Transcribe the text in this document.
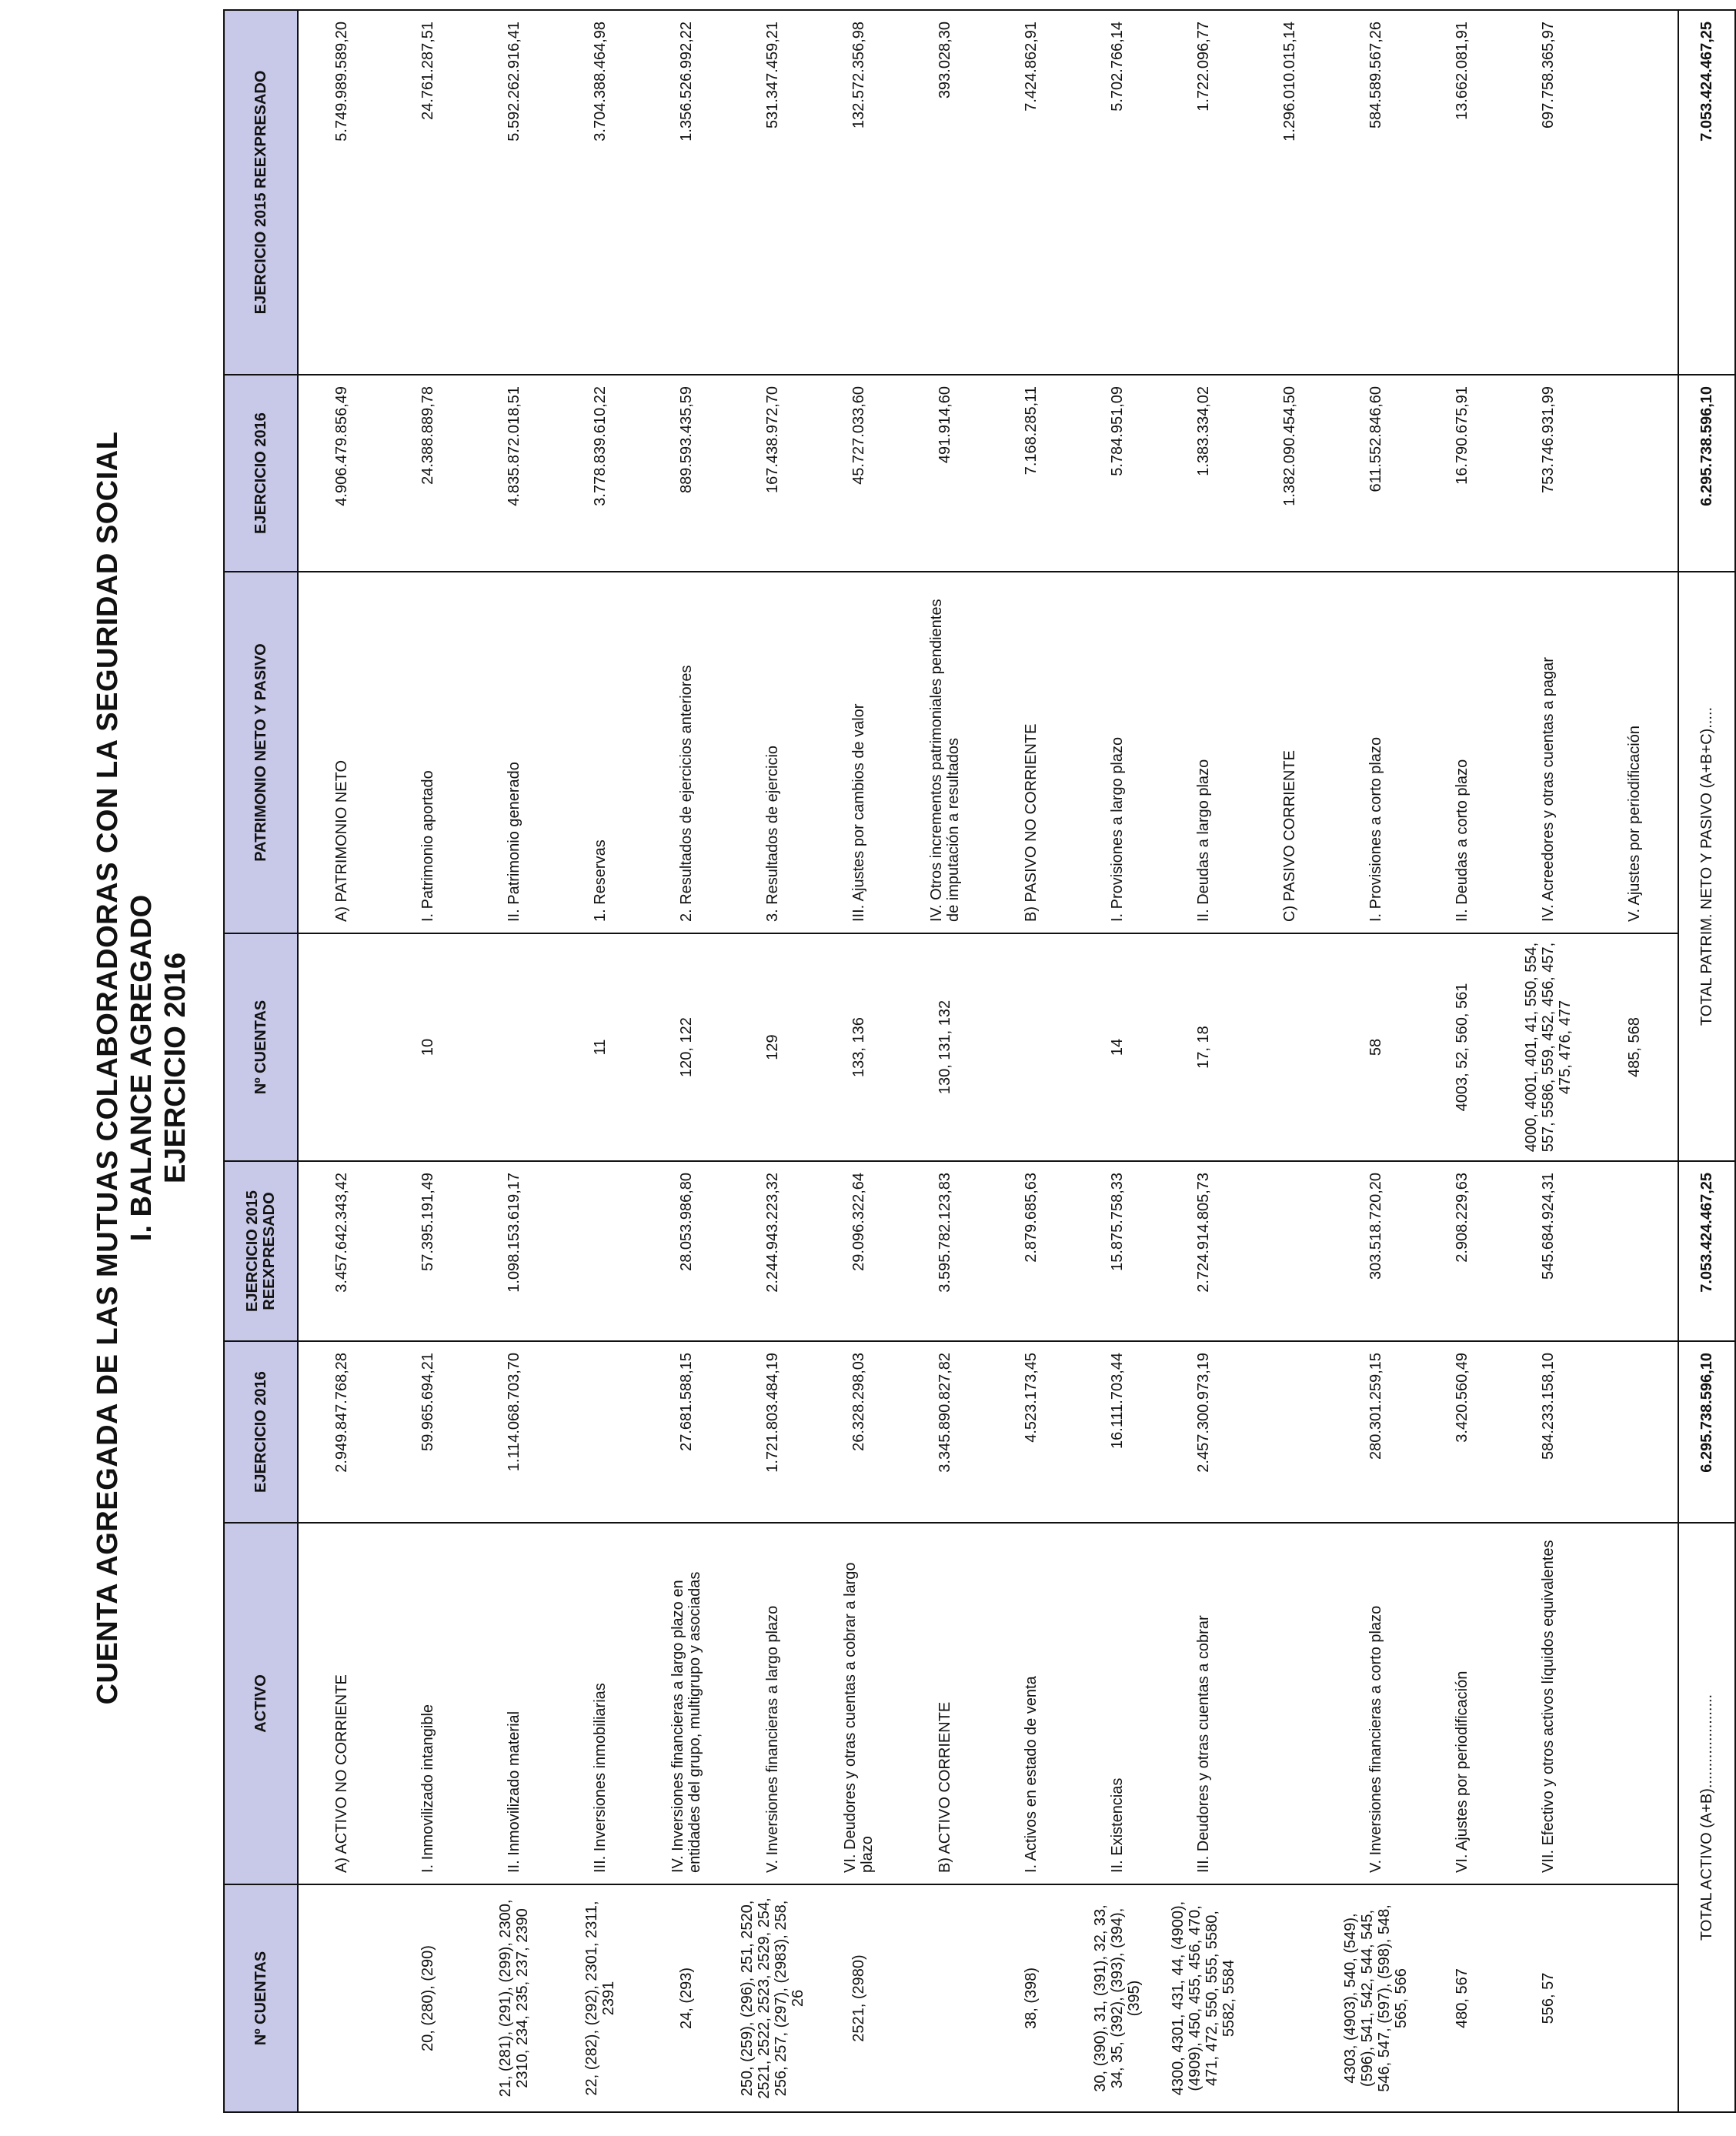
CUENTA AGREGADA DE LAS MUTUAS COLABORADORAS CON LA SEGURIDAD SOCIAL I. BALANCE AGREGADO EJERCICIO 2016
Nº CUENTAS	ACTIVO	EJERCICIO 2016	EJERCICIO 2015 REEXPRESADO	Nº CUENTAS	PATRIMONIO NETO Y PASIVO	EJERCICIO 2016	EJERCICIO 2015 REEXPRESADO
	A) ACTIVO NO CORRIENTE	2.949.847.768,28	3.457.642.343,42		A) PATRIMONIO NETO	4.906.479.856,49	5.749.989.589,20
20, (280), (290)	I. Inmovilizado intangible	59.965.694,21	57.395.191,49	10	I. Patrimonio aportado	24.388.889,78	24.761.287,51
21, (281), (291), (299), 2300, 2310, 234, 235, 237, 2390	II. Inmovilizado material	1.114.068.703,70	1.098.153.619,17		II. Patrimonio generado	4.835.872.018,51	5.592.262.916,41
22, (282), (292), 2301, 2311, 2391	III. Inversiones inmobiliarias			11	1. Reservas	3.778.839.610,22	3.704.388.464,98
24, (293)	IV. Inversiones financieras a largo plazo en entidades del grupo, multigrupo y asociadas	27.681.588,15	28.053.986,80	120, 122	2. Resultados de ejercicios anteriores	889.593.435,59	1.356.526.992,22
250, (259), (296), 251, 2520, 2521, 2522, 2523, 2529, 254, 256, 257, (297), (2983), 258, 26	V. Inversiones financieras a largo plazo	1.721.803.484,19	2.244.943.223,32	129	3. Resultados de ejercicio	167.438.972,70	531.347.459,21
2521, (2980)	VI. Deudores y otras cuentas a cobrar a largo plazo	26.328.298,03	29.096.322,64	133, 136	III. Ajustes por cambios de valor	45.727.033,60	132.572.356,98
	B) ACTIVO CORRIENTE	3.345.890.827,82	3.595.782.123,83	130, 131, 132	IV. Otros incrementos patrimoniales pendientes de imputación a resultados	491.914,60	393.028,30
38, (398)	I. Activos en estado de venta	4.523.173,45	2.879.685,63		B) PASIVO NO CORRIENTE	7.168.285,11	7.424.862,91
30, (390), 31, (391), 32, 33, 34, 35, (392), (393), (394), (395)	II. Existencias	16.111.703,44	15.875.758,33	14	I. Provisiones a largo plazo	5.784.951,09	5.702.766,14
4300, 4301, 431, 44, (4900), (4909), 450, 455, 456, 470, 471, 472, 550, 555, 5580, 5582, 5584	III. Deudores y otras cuentas a cobrar	2.457.300.973,19	2.724.914.805,73	17, 18	II. Deudas a largo plazo	1.383.334,02	1.722.096,77
					C) PASIVO CORRIENTE	1.382.090.454,50	1.296.010.015,14
4303, (4903), 540, (549), (596), 541, 542, 544, 545, 546, 547, (597), (598), 548, 565, 566	V. Inversiones financieras a corto plazo	280.301.259,15	303.518.720,20	58	I. Provisiones a corto plazo	611.552.846,60	584.589.567,26
480, 567	VI. Ajustes por periodificación	3.420.560,49	2.908.229,63	4003, 52, 560, 561	II. Deudas a corto plazo	16.790.675,91	13.662.081,91
556, 57	VII. Efectivo y otros activos líquidos equivalentes	584.233.158,10	545.684.924,31	4000, 4001, 401, 41, 550, 554, 557, 5586, 559, 452, 456, 457, 475, 476, 477	IV. Acreedores y otras cuentas a pagar	753.746.931,99	697.758.365,97
				485, 568	V. Ajustes por periodificación		
TOTAL ACTIVO (A+B)......................		6.295.738.596,10	7.053.424.467,25	TOTAL PATRIM. NETO Y PASIVO (A+B+C).....		6.295.738.596,10	7.053.424.467,25
